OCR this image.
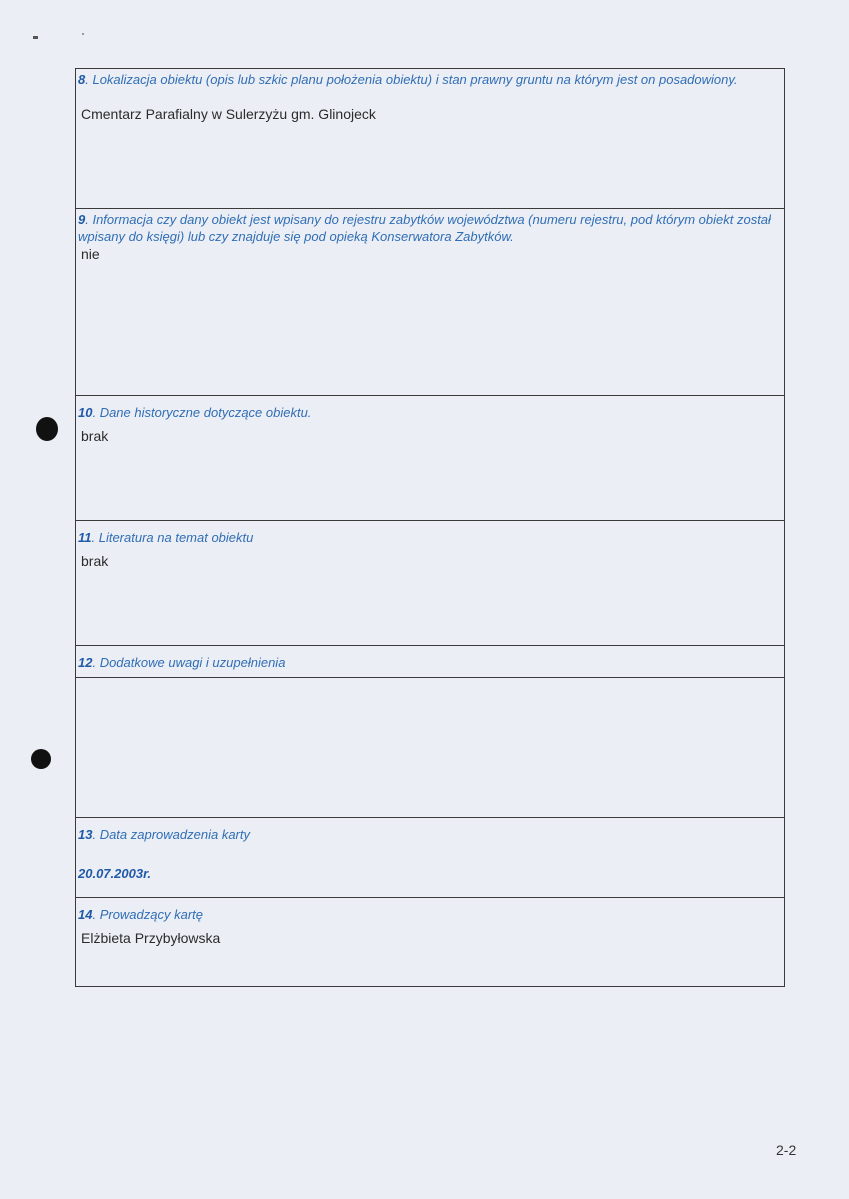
8. Lokalizacja obiektu (opis lub szkic planu położenia obiektu) i stan prawny gruntu na którym jest on posadowiony.
Cmentarz Parafialny w Sulerzyżu gm. Glinojeck
9. Informacja czy dany obiekt jest wpisany do rejestru zabytków województwa (numeru rejestru, pod którym obiekt został wpisany do księgi) lub czy znajduje się pod opieką Konserwatora Zabytków.
nie
10. Dane historyczne dotyczące obiektu.
brak
11. Literatura na temat obiektu
brak
12. Dodatkowe uwagi i uzupełnienia
13. Data zaprowadzenia karty
20.07.2003r.
14. Prowadzący kartę
Elżbieta Przybyłowska
2-2
